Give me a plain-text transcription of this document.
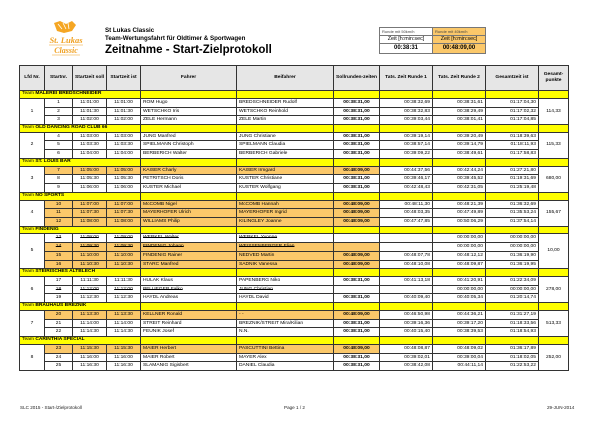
St. Lukas
Classic
St Lukas Classic
Team-Wertungsfahrt für Oldtimer & Sportwagen
Zeitnahme - Start-Zielprotokoll
Runde mit 50km/h	Runde mit 40km/h
Zeit [h:min:sec]	Zeit [h:min:sec]
00:38:31	00:48:09,00
Lfd Nr.	Startnr.	Startzeit soll	Startzeit ist	Fahrer	Beifahrer	Sollrunden-zeiten	Tats. Zeit Runde 1	Tats. Zeit Runde 2	Gesamtzeit ist	Gesamt-punkte
Team MALEREI BREDSCHNEIDER										
1	1	11:01:00	11:01:00	ROM Hugo	BREDSCHNEIDER Rudolf	00:38:31,00	00:38:32,69	00:38:31,61	01:17:04,30	114,33
	2	11:01:30	11:01:30	WETSCHKO Iris	WETSCHKO Reinhold	00:38:31,00	00:38:32,83	00:38:29,49	01:17:02,32	
	3	11:02:00	11:02:00	ZELE Hermann	ZELE Martin	00:38:31,00	00:39:03,44	00:38:01,41	01:17:04,85	
Team OLD DANCING ROAD CLUB 66										
2	4	11:03:00	11:03:00	JUNG Manfred	JUNG Christiane	00:38:31,00	00:39:19,14	00:39:20,49	01:18:39,63	115,33
	5	11:03:30	11:03:30	SPIELMANN Christoph	SPIELMANN Claudia	00:38:31,00	00:38:57,14	00:39:14,79	01:18:11,93	
	6	11:04:00	11:04:00	BERBERICH Walter	BERBERICH Gabriele	00:38:31,00	00:39:09,22	00:38:49,61	01:17:58,83	
Team ST. LOUIS BAR										
3	7	11:05:00	11:05:00	KAISER Charly	KAISER Irmgard	00:48:09,00	00:44:37,56	00:42:44,24	01:27:21,80	680,00
	8	11:05:30	11:05:30	PETRITSCH Doris	KUSTER Christiane	00:38:31,00	00:39:46,17	00:39:45,52	01:19:31,69	
	9	11:06:00	11:06:00	KUSTER Michael	KUSTER Wolfgang	00:38:31,00	00:42:48,43	00:42:31,05	01:25:19,48	
Team NO SPORTS										
4	10	11:07:00	11:07:00	McCOMB Nigel	McCOMB Hannah	00:48:09,00	00:48:11,30	00:48:21,39	01:36:32,69	155,67
	11	11:07:30	11:07:30	MAYERHOFER Ulrich	MAYERHOFER Ingrid	00:48:09,00	00:48:03,35	00:47:49,89	01:35:53,24	
	12	11:08:00	11:08:00	WILLIAMS Philip	KILINGLEY Joanne	00:48:09,00	00:47:47,85	00:50:06,29	01:37:54,14	
Team FINDENIG										
5	13	11:09:00	11:09:00	WERKEL Walter	WERKEL Yvonne			00:00:00,00	00:00:00,00	10,00
	14	11:09:30	11:09:30	FINDENIG Johann	WEISSENBERGER Elian			00:00:00,00	00:00:00,00	
	15	11:10:00	11:10:00	FINDENIG Rainer	NEDVED Martin	00:48:09,00	00:48:07,78	00:48:12,12	01:36:19,90	
	16	11:10:30	11:10:30	STARC Manfred	SADNIK Vanessa	00:48:09,00	00:48:10,08	00:48:09,87	01:36:19,95	
Team STEIRISCHES ALTBLECH										
6	17	11:11:30	11:11:30	HULAK Klaus	PAPENBERG Niko	00:38:31,00	00:41:13,18	00:41:20,91	01:22:34,09	278,00
	18	11:12:00	11:12:00	PFLUEGER Falko	JUNG Christian			00:00:00,00	00:00:00,00	
	19	11:12:30	11:12:30	HAYDL Andreas	HAYDL David	00:38:31,00	00:40:09,40	00:40:05,34	01:20:14,74	
Team BRAUHAUS BREZNIK										
7	20	11:13:30	11:13:30	KELLNER Ronald	- -	00:48:09,00	00:46:50,98	00:44:36,21	01:31:27,19	513,33
	21	11:14:00	11:14:00	STREIT Reinhard	BREZNIK/STREIT Mira/Kilian	00:38:31,00	00:39:16,36	00:39:17,20	01:18:33,56	
	22	11:14:30	11:14:30	FEUNIK Josef	N.N.	00:38:31,00	00:40:15,40	00:38:39,53	01:18:54,93	
Team CARINTHIA SPECIAL										
8	23	11:15:30	11:15:30	MAIER Herbert	PASCUTTINI Bettina	00:48:09,00	00:48:08,87	00:48:09,02	01:36:17,89	252,00
	24	11:16:00	11:16:00	MAIER Robert	MAYER Alex	00:38:31,00	00:39:02,01	00:39:00,04	01:18:02,05	
	25	11:16:30	11:16:30	SLAMANIG Sigisbert	DANIEL Claudia	00:38:31,00	00:38:42,08	00:44:11,14	01:22:53,22	
SLC 2015 - Start-/Zielprotokoll	Page 1 / 2	29-JUN-2014
